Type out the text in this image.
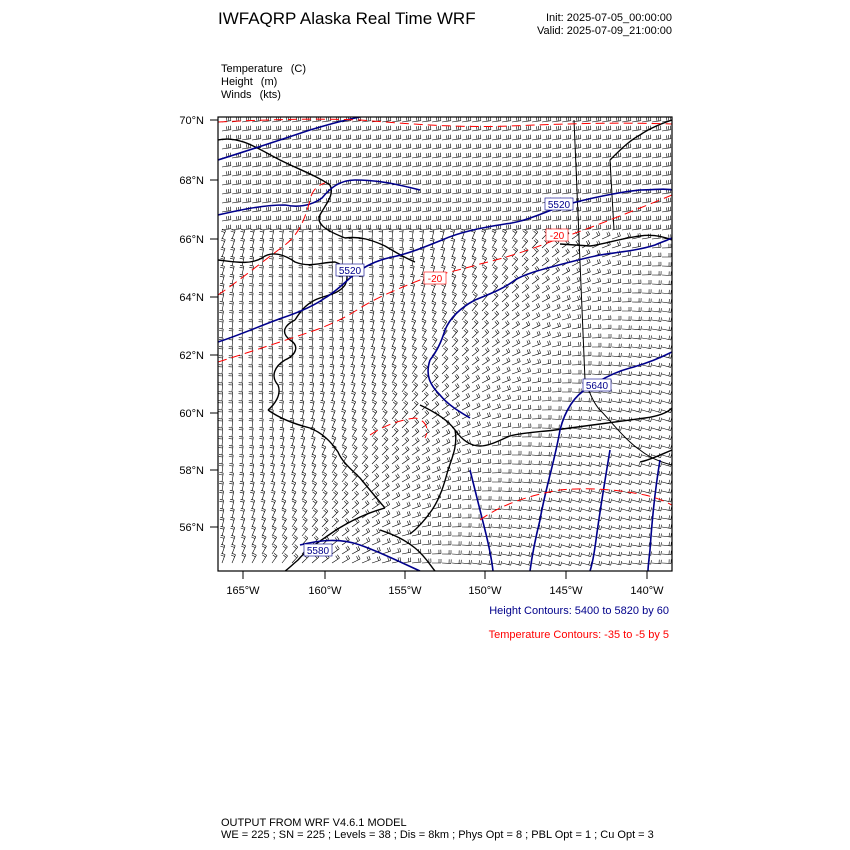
IWFAQRP Alaska Real Time WRF	Init: 2025-07-05_00:00:00
Valid: 2025-07-09_21:00:00
Temperature (C)
Height (m)
Winds (kts)
5520
5520
5640
5580
-20
-20
70°N
68°N
66°N
64°N
62°N
60°N
58°N
56°N
165°W	160°W	155°W	150°W	145°W	140°W
Height Contours: 5400 to 5820 by 60
Temperature Contours: -35 to -5 by 5
OUTPUT FROM WRF V4.6.1 MODEL
WE = 225 ; SN = 225 ; Levels = 38 ; Dis = 8km ; Phys Opt = 8 ; PBL Opt = 1 ; Cu Opt = 3
